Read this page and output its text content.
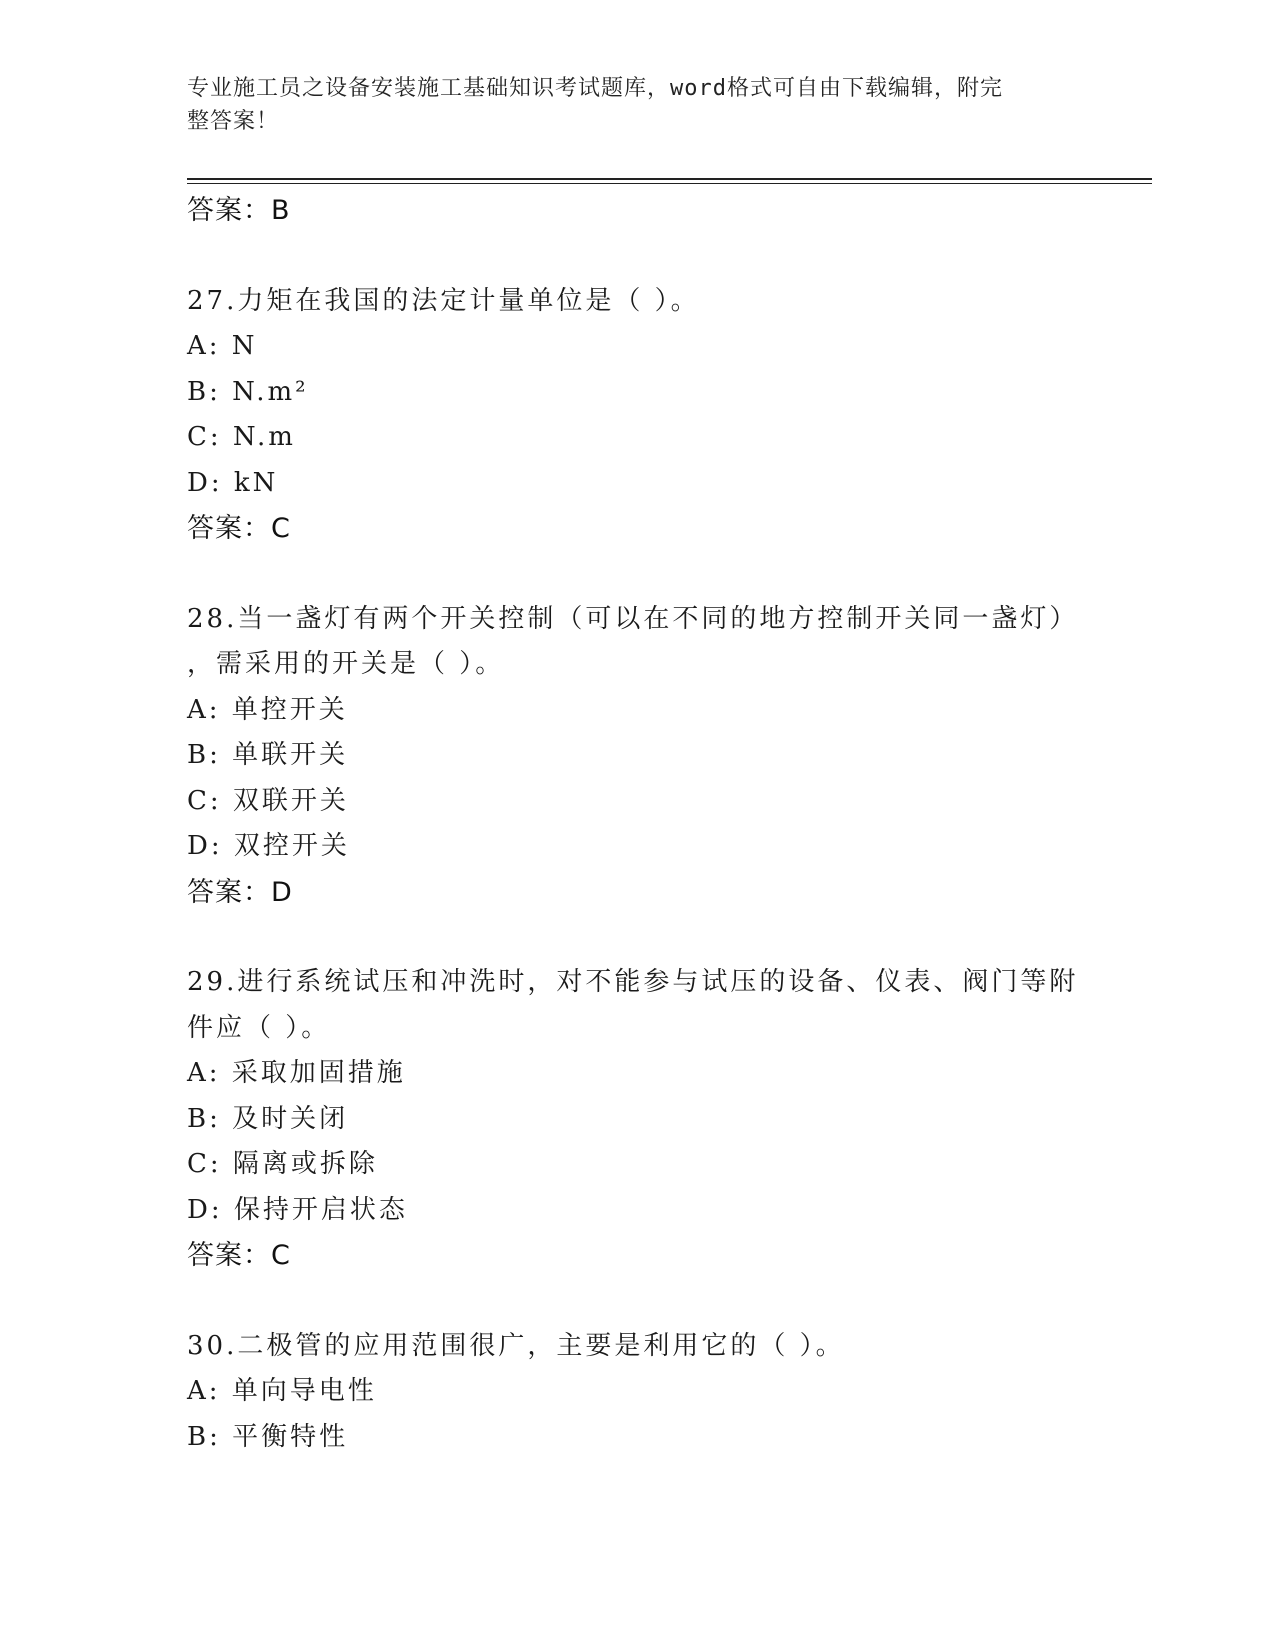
专业施工员之设备安装施工基础知识考试题库，word格式可自由下载编辑，附完
整答案！
答案：B
27.力矩在我国的法定计量单位是（ ）。
A: N
B: N.m²
C: N.m
D: kN
答案：C
28.当一盏灯有两个开关控制（可以在不同的地方控制开关同一盏灯）
，需采用的开关是（ ）。
A: 单控开关
B: 单联开关
C: 双联开关
D: 双控开关
答案：D
29.进行系统试压和冲洗时，对不能参与试压的设备、仪表、阀门等附
件应（ ）。
A: 采取加固措施
B: 及时关闭
C: 隔离或拆除
D: 保持开启状态
答案：C
30.二极管的应用范围很广，主要是利用它的（ ）。
A: 单向导电性
B: 平衡特性
